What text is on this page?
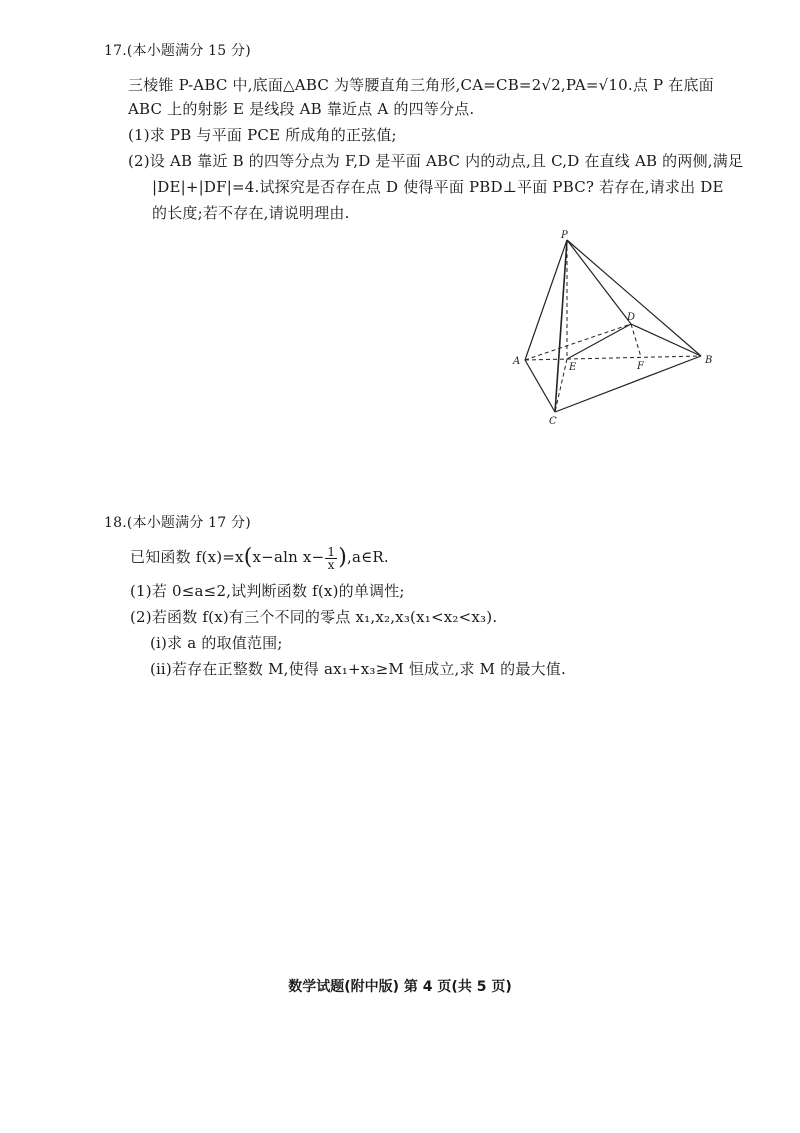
17.(本小题满分 15 分)
三棱锥 P-ABC 中,底面△ABC 为等腰直角三角形,CA=CB=2√2,PA=√10.点 P 在底面
ABC 上的射影 E 是线段 AB 靠近点 A 的四等分点.
(1)求 PB 与平面 PCE 所成角的正弦值;
(2)设 AB 靠近 B 的四等分点为 F,D 是平面 ABC 内的动点,且 C,D 在直线 AB 的两侧,满足
|DE|+|DF|=4.试探究是否存在点 D 使得平面 PBD⊥平面 PBC? 若存在,请求出 DE
的长度;若不存在,请说明理由.
P
A	B
C
D
E	F
18.(本小题满分 17 分)
已知函数 f(x)=x(x−aln $x- \frac{1}{x}$ ),a∈R.
(1)若 0≤a≤2,试判断函数 f(x)的单调性;
(2)若函数 f(x)有三个不同的零点 x₁,x₂,x₃(x₁<x₂<x₃).
(ⅰ)求 a 的取值范围;
(ⅱ)若存在正整数 M,使得 ax₁+x₃≥M 恒成立,求 M 的最大值.
数学试题(附中版) 第 4 页(共 5 页)
